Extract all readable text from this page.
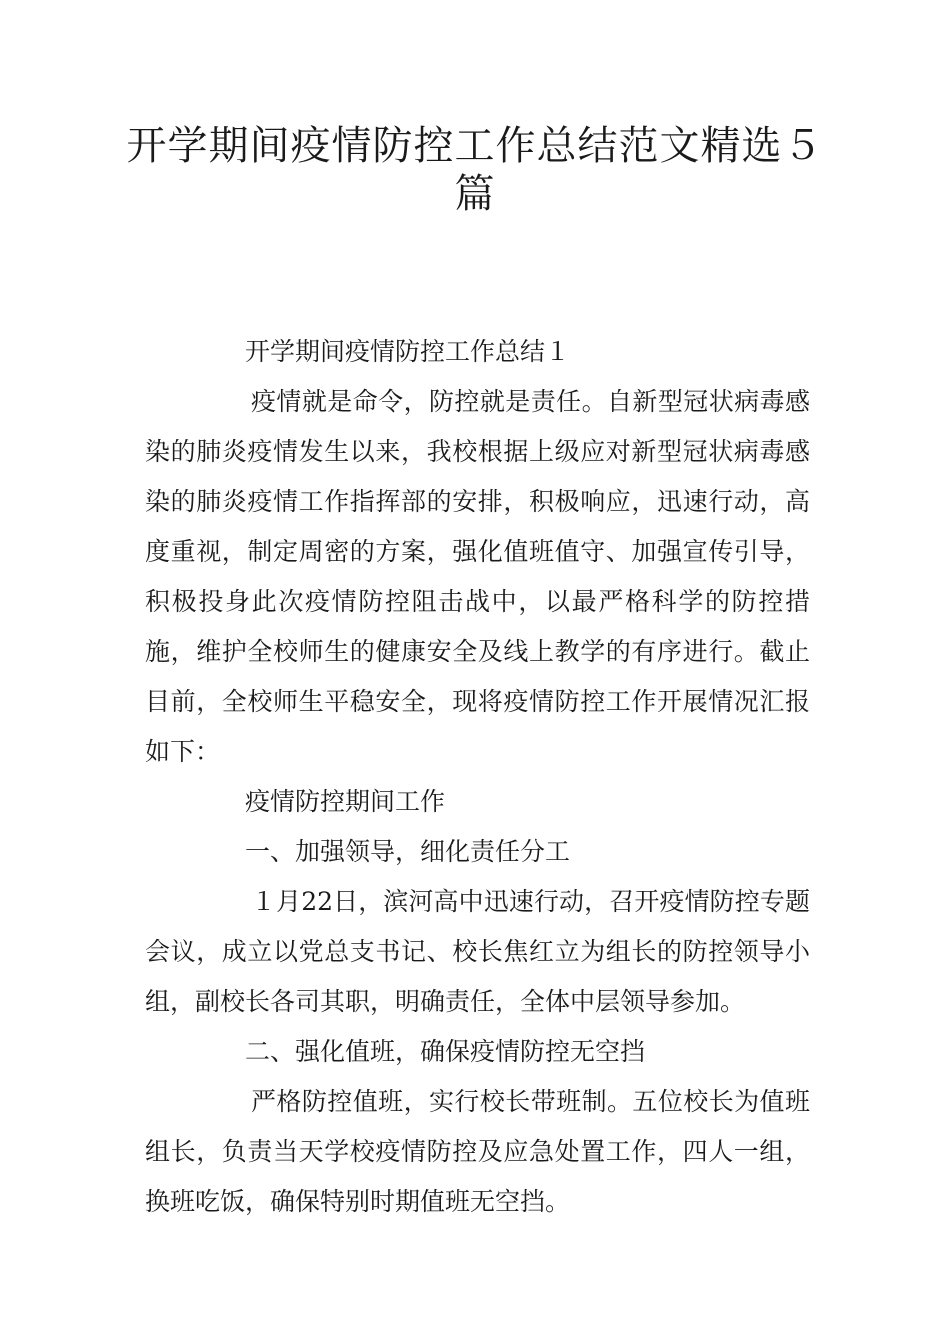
开学期间疫情防控工作总结范文精选５篇

开学期间疫情防控工作总结１

疫情就是命令，防控就是责任。自新型冠状病毒感染的肺炎疫情发生以来，我校根据上级应对新型冠状病毒感染的肺炎疫情工作指挥部的安排，积极响应，迅速行动，高度重视，制定周密的方案，强化值班值守、加强宣传引导，积极投身此次疫情防控阻击战中，以最严格科学的防控措施，维护全校师生的健康安全及线上教学的有序进行。截止目前，全校师生平稳安全，现将疫情防控工作开展情况汇报如下：

疫情防控期间工作

一、加强领导，细化责任分工

１月22日，滨河高中迅速行动，召开疫情防控专题会议，成立以党总支书记、校长焦红立为组长的防控领导小组，副校长各司其职，明确责任，全体中层领导参加。

二、强化值班，确保疫情防控无空挡

严格防控值班，实行校长带班制。五位校长为值班组长，负责当天学校疫情防控及应急处置工作，四人一组，换班吃饭，确保特别时期值班无空挡。
